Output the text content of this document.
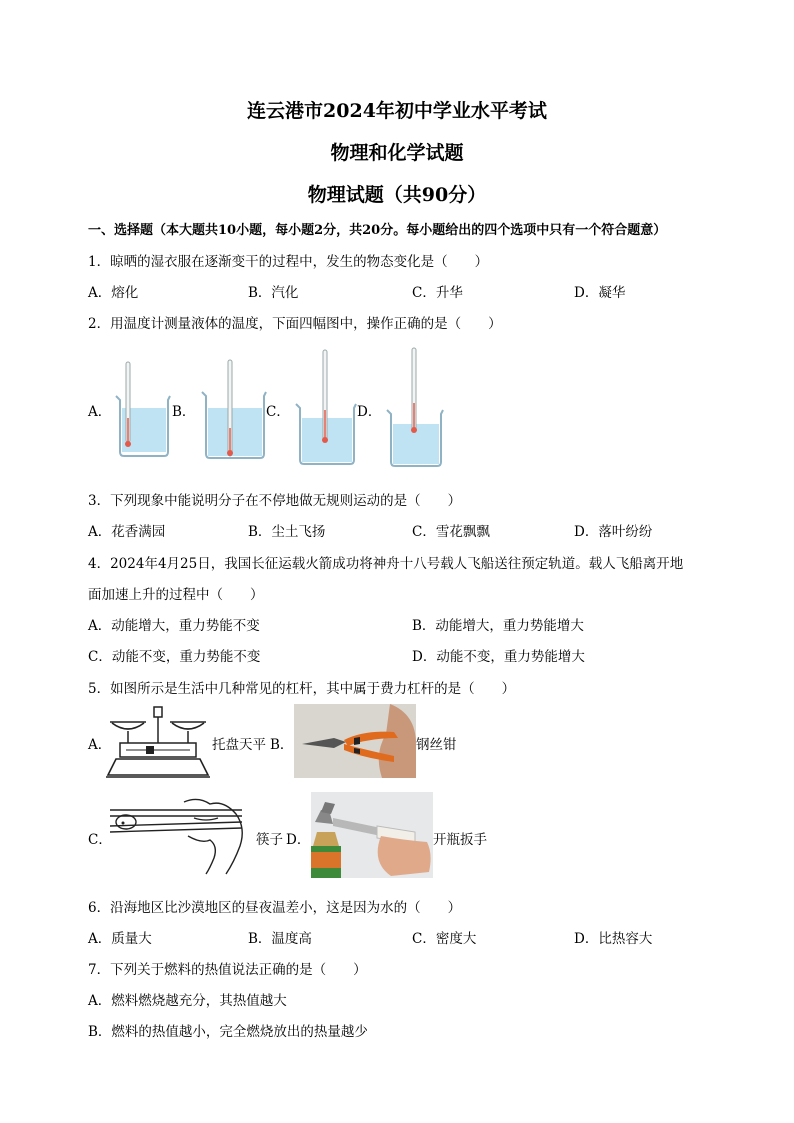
连云港市2024年初中学业水平考试
物理和化学试题
物理试题（共90分）
一、选择题（本大题共10小题，每小题2分，共20分。每小题给出的四个选项中只有一个符合题意）
1．晾晒的湿衣服在逐渐变干的过程中，发生的物态变化是（　　）
A．熔化	B．汽化	C．升华	D．凝华
2．用温度计测量液体的温度，下面四幅图中，操作正确的是（　　）
A．	B．	C．	D．
3．下列现象中能说明分子在不停地做无规则运动的是（　　）
A．花香满园	B．尘土飞扬	C．雪花飘飘	D．落叶纷纷
4．2024年4月25日，我国长征运载火箭成功将神舟十八号载人飞船送往预定轨道。载人飞船离开地
面加速上升的过程中（　　）
A．动能增大，重力势能不变	B．动能增大，重力势能增大
C．动能不变，重力势能不变	D．动能不变，重力势能增大
5．如图所示是生活中几种常见的杠杆，其中属于费力杠杆的是（　　）
A．	托盘天平 B．	钢丝钳
C．	筷子 D．	开瓶扳手
6．沿海地区比沙漠地区的昼夜温差小，这是因为水的（　　）
A．质量大	B．温度高	C．密度大	D．比热容大
7．下列关于燃料的热值说法正确的是（　　）
A．燃料燃烧越充分，其热值越大
B．燃料的热值越小，完全燃烧放出的热量越少
